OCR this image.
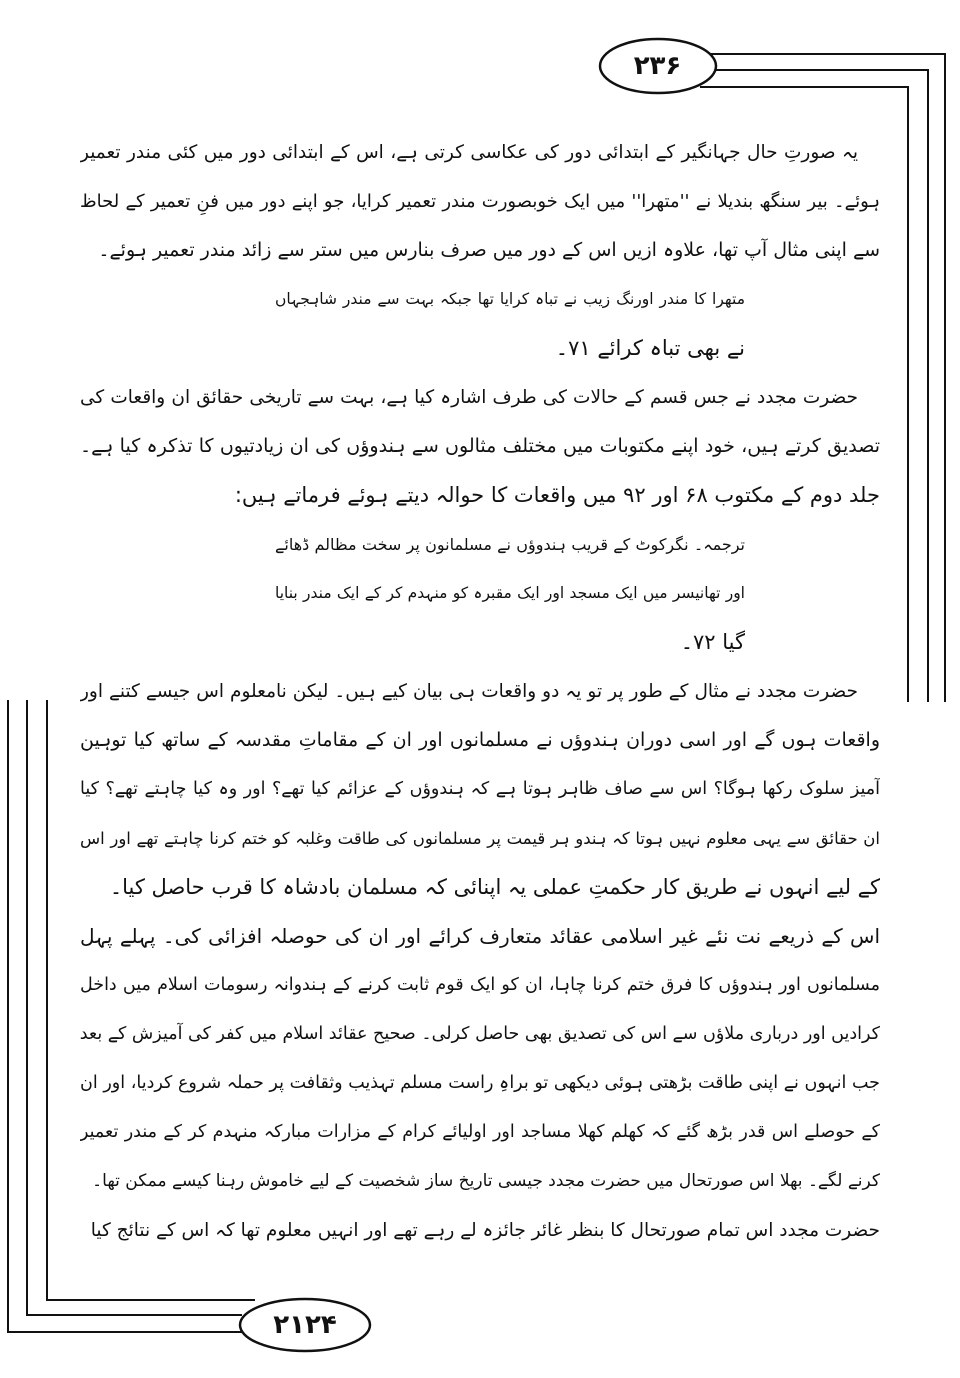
۲۳۶
۲۱۲۴
یہ صورتِ حال جہانگیر کے ابتدائی دور کی عکاسی کرتی ہے، اس کے ابتدائی دور میں کئی مندر تعمیر
ہوئے۔ بیر سنگھ بندیلا نے ''متھرا'' میں ایک خوبصورت مندر تعمیر کرایا، جو اپنے دور میں فنِ تعمیر کے لحاظ
سے اپنی مثال آپ تھا، علاوہ ازیں اس کے دور میں صرف بنارس میں ستر سے زائد مندر تعمیر ہوئے۔
متھرا کا مندر اورنگ زیب نے تباہ کرایا تھا جبکہ بہت سے مندر شاہجہاں
نے بھی تباہ کرائے ۷۱۔
حضرت مجدد نے جس قسم کے حالات کی طرف اشارہ کیا ہے، بہت سے تاریخی حقائق ان واقعات کی
تصدیق کرتے ہیں، خود اپنے مکتوبات میں مختلف مثالوں سے ہندوؤں کی ان زیادتیوں کا تذکرہ کیا ہے۔
جلد دوم کے مکتوب ۶۸ اور ۹۲ میں واقعات کا حوالہ دیتے ہوئے فرماتے ہیں:
ترجمہ۔ نگرکوٹ کے قریب ہندوؤں نے مسلمانون پر سخت مظالم ڈھائے
اور تھانیسر میں ایک مسجد اور ایک مقبرہ کو منہدم کر کے ایک مندر بنایا
گیا ۷۲۔
حضرت مجدد نے مثال کے طور پر تو یہ دو واقعات ہی بیان کیے ہیں۔ لیکن نامعلوم اس جیسے کتنے اور
واقعات ہوں گے اور اسی دوران ہندوؤں نے مسلمانوں اور ان کے مقاماتِ مقدسہ کے ساتھ کیا توہین
آمیز سلوک رکھا ہوگا؟ اس سے صاف ظاہر ہوتا ہے کہ ہندوؤں کے عزائم کیا تھے؟ اور وہ کیا چاہتے تھے؟ کیا
ان حقائق سے یہی معلوم نہیں ہوتا کہ ہندو ہر قیمت پر مسلمانوں کی طاقت وغلبہ کو ختم کرنا چاہتے تھے اور اس
کے لیے انہوں نے طریق کار حکمتِ عملی یہ اپنائی کہ مسلمان بادشاہ کا قرب حاصل کیا۔
اس کے ذریعے نت نئے غیر اسلامی عقائد متعارف کرائے اور ان کی حوصلہ افزائی کی۔ پہلے پہل
مسلمانوں اور ہندوؤں کا فرق ختم کرنا چاہا، ان کو ایک قوم ثابت کرنے کے ہندوانہ رسومات اسلام میں داخل
کرادیں اور درباری ملاؤں سے اس کی تصدیق بھی حاصل کرلی۔ صحیح عقائد اسلام میں کفر کی آمیزش کے بعد
جب انہوں نے اپنی طاقت بڑھتی ہوئی دیکھی تو براہِ راست مسلم تہذیب وثقافت پر حملہ شروع کردیا، اور ان
کے حوصلے اس قدر بڑھ گئے کہ کھلم کھلا مساجد اور اولیائے کرام کے مزارات مبارکہ منہدم کر کے مندر تعمیر
کرنے لگے۔ بھلا اس صورتحال میں حضرت مجدد جیسی تاریخ ساز شخصیت کے لیے خاموش رہنا کیسے ممکن تھا۔
حضرت مجدد اس تمام صورتحال کا بنظر غائر جائزہ لے رہے تھے اور انہیں معلوم تھا کہ اس کے نتائج کیا
